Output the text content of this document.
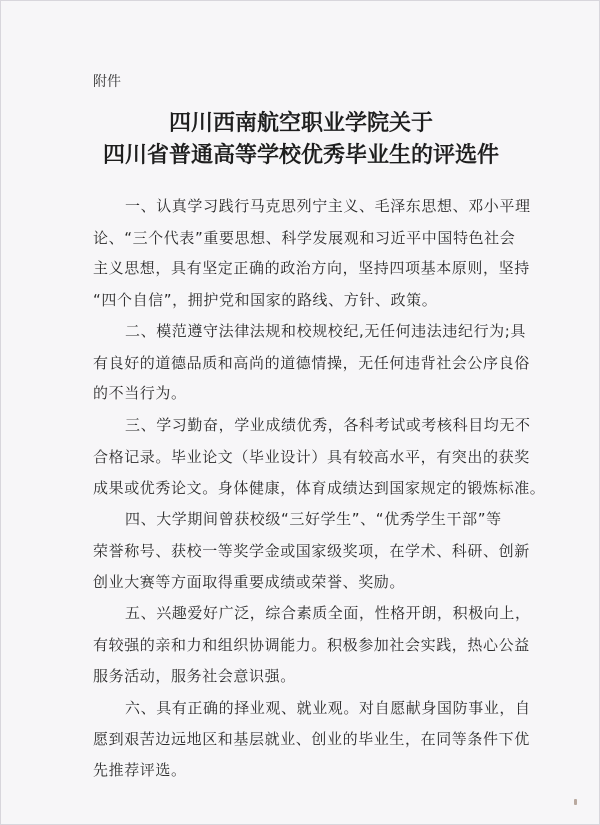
附件
四川西南航空职业学院关于
四川省普通高等学校优秀毕业生的评选件
一、认真学习践行马克思列宁主义、毛泽东思想、邓小平理
论、“三个代表”重要思想、科学发展观和习近平中国特色社会
主义思想，具有坚定正确的政治方向，坚持四项基本原则，坚持
“四个自信”，拥护党和国家的路线、方针、政策。
二、模范遵守法律法规和校规校纪,无任何违法违纪行为;具
有良好的道德品质和高尚的道德情操，无任何违背社会公序良俗
的不当行为。
三、学习勤奋，学业成绩优秀，各科考试或考核科目均无不
合格记录。毕业论文（毕业设计）具有较高水平，有突出的获奖
成果或优秀论文。身体健康，体育成绩达到国家规定的锻炼标准。
四、大学期间曾获校级“三好学生”、“优秀学生干部”等
荣誉称号、获校一等奖学金或国家级奖项，在学术、科研、创新
创业大赛等方面取得重要成绩或荣誉、奖励。
五、兴趣爱好广泛，综合素质全面，性格开朗，积极向上，
有较强的亲和力和组织协调能力。积极参加社会实践，热心公益
服务活动，服务社会意识强。
六、具有正确的择业观、就业观。对自愿献身国防事业，自
愿到艰苦边远地区和基层就业、创业的毕业生，在同等条件下优
先推荐评选。
